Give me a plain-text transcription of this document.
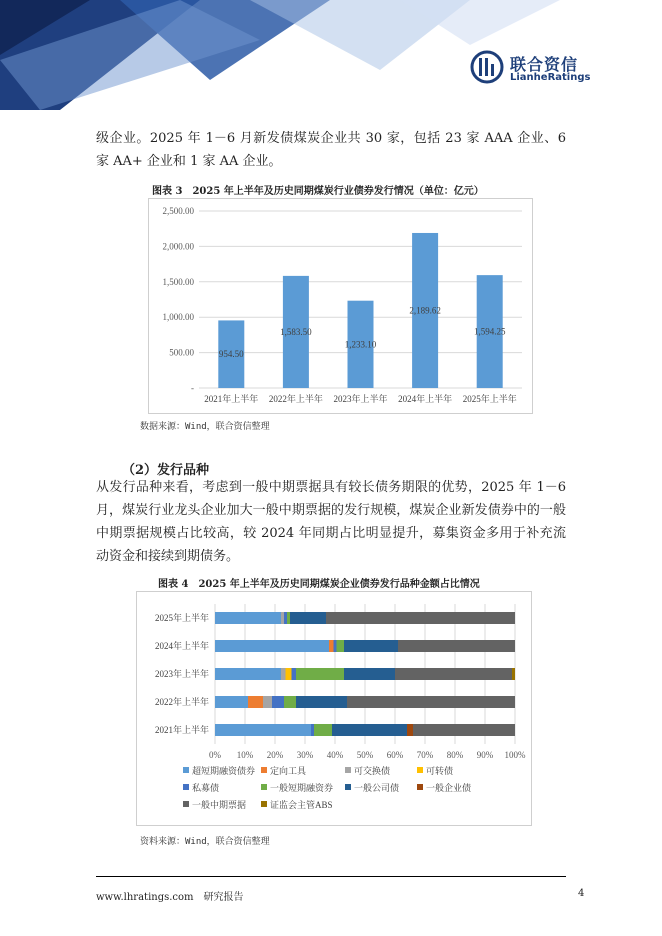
联合资信
LianheRatings
级企业。2025 年 1－6 月新发债煤炭企业共 30 家，包括 23 家 AAA 企业、6 家 AA+ 企业和 1 家 AA 企业。
图表 3　2025 年上半年及历史同期煤炭行业债券发行情况（单位：亿元）
-
500.00
1,000.00
1,500.00
2,000.00
2,500.00
954.50
2021年上半年
1,583.50
2022年上半年
1,233.10
2023年上半年
2,189.62
2024年上半年
1,594.25
2025年上半年
数据来源：Wind，联合资信整理
（2）发行品种
从发行品种来看，考虑到一般中期票据具有较长债务期限的优势，2025 年 1－6 月，煤炭行业龙头企业加大一般中期票据的发行规模，煤炭企业新发债券中的一般中期票据规模占比较高，较 2024 年同期占比明显提升，募集资金多用于补充流动资金和接续到期债务。
图表 4　2025 年上半年及历史同期煤炭企业债券发行品种金额占比情况
0% 10% 20% 30% 40% 50% 60% 70% 80% 90% 100%
2025年上半年
2024年上半年
2023年上半年
2022年上半年
2021年上半年
超短期融资债券 定向工具	可交换债	可转债
私募债	一般短期融资券 一般公司债	一般企业债
一般中期票据	证监会主管ABS
资料来源：Wind，联合资信整理
www.lhratings.com　研究报告	4
